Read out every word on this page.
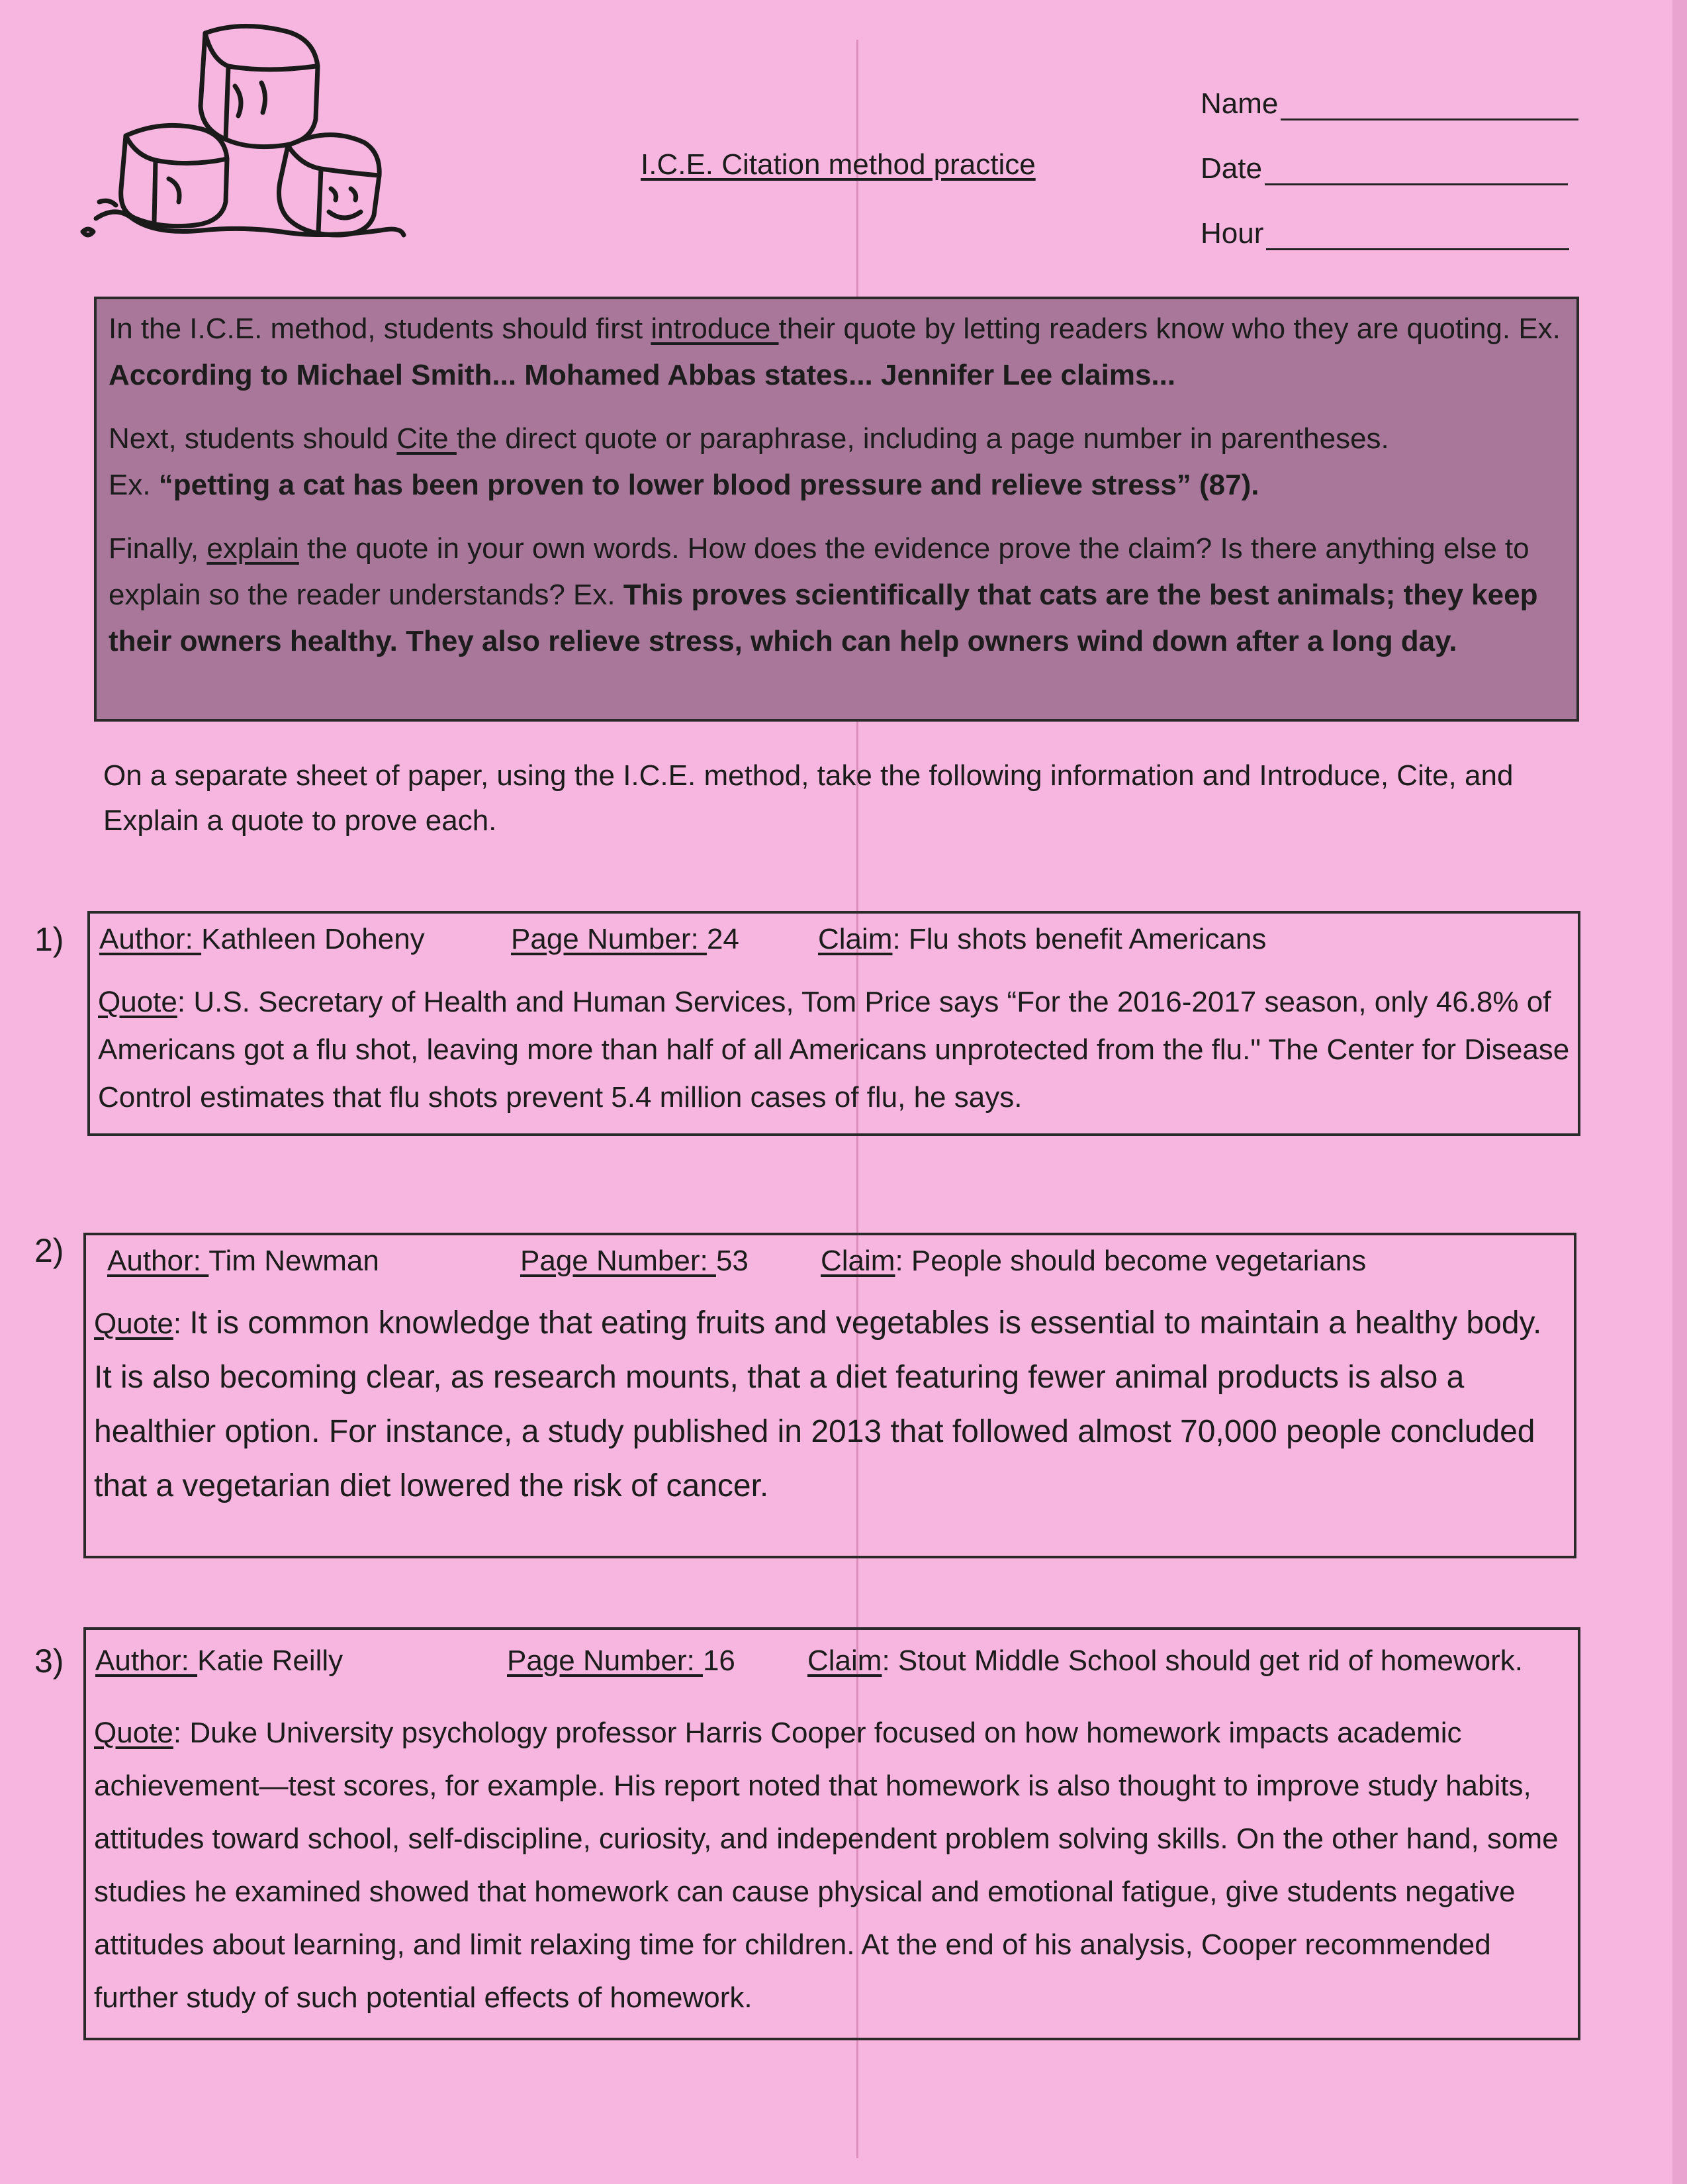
I.C.E. Citation method practice
Name
Date
Hour

In the I.C.E. method, students should first introduce their quote by letting readers know who they are quoting. Ex. According to Michael Smith... Mohamed Abbas states... Jennifer Lee claims...

Next, students should Cite the direct quote or paraphrase, including a page number in parentheses.

Ex. “petting a cat has been proven to lower blood pressure and relieve stress” (87).

Finally, explain the quote in your own words. How does the evidence prove the claim? Is there anything else to explain so the reader understands? Ex. This proves scientifically that cats are the best animals; they keep their owners healthy. They also relieve stress, which can help owners wind down after a long day.

On a separate sheet of paper, using the I.C.E. method, take the following information and Introduce, Cite, and Explain a quote to prove each.
1) Author: Kathleen Doheny	Page Number: 24	Claim: Flu shots benefit Americans
Quote: U.S. Secretary of Health and Human Services, Tom Price says “For the 2016-2017 season, only 46.8% of Americans got a flu shot, leaving more than half of all Americans unprotected from the flu." The Center for Disease Control estimates that flu shots prevent 5.4 million cases of flu, he says.
2) Author: Tim Newman	Page Number: 53 Claim: People should become vegetarians
Quote: It is common knowledge that eating fruits and vegetables is essential to maintain a healthy body. It is also becoming clear, as research mounts, that a diet featuring fewer animal products is also a healthier option. For instance, a study published in 2013 that followed almost 70,000 people concluded that a vegetarian diet lowered the risk of cancer.
3) Author: Katie Reilly	Page Number: 16 Claim: Stout Middle School should get rid of homework.
Quote: Duke University psychology professor Harris Cooper focused on how homework impacts academic achievement—test scores, for example. His report noted that homework is also thought to improve study habits, attitudes toward school, self-discipline, curiosity, and independent problem solving skills. On the other hand, some studies he examined showed that homework can cause physical and emotional fatigue, give students negative attitudes about learning, and limit relaxing time for children. At the end of his analysis, Cooper recommended further study of such potential effects of homework.
